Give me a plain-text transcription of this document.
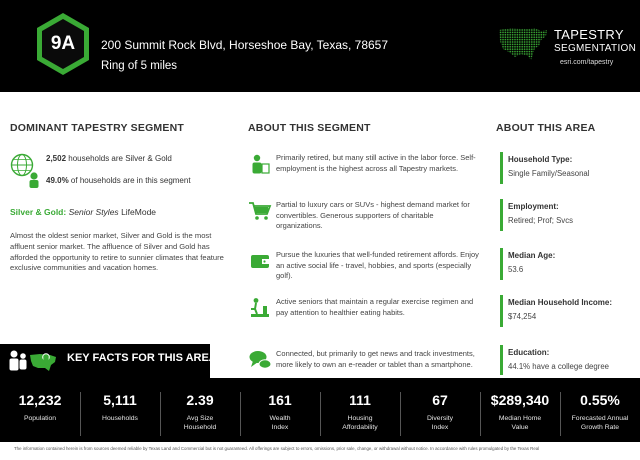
9A	200 Summit Rock Blvd, Horseshoe Bay, Texas, 78657
Ring of 5 miles
TAPESTRY
SEGMENTATION
esri.com/tapestry
DOMINANT TAPESTRY SEGMENT	ABOUT THIS SEGMENT	ABOUT THIS AREA
2,502 households are Silver & Gold
49.0% of households are in this segment
Silver & Gold: Senior Styles LifeMode
Almost the oldest senior market, Silver and Gold is the most affluent senior market. The affluence of Silver and Gold has afforded the opportunity to retire to sunnier climates that feature exclusive communities and vacation homes.
Primarily retired, but many still active in the labor force. Self-employment is the highest across all Tapestry markets.
Partial to luxury cars or SUVs - highest demand market for convertibles. Generous supporters of charitable organizations.
Pursue the luxuries that well-funded retirement affords. Enjoy an active social life - travel, hobbies, and sports (especially golf).
Active seniors that maintain a regular exercise regimen and pay attention to healthier eating habits.
Connected, but primarily to get news and track investments, more likely to own an e-reader or tablet than a smartphone.
Household Type:
Single Family/Seasonal
Employment:
Retired; Prof; Svcs
Median Age:
53.6
Median Household Income:
$74,254
Education:
44.1% have a college degree
KEY FACTS FOR THIS AREA
12,232
Population
5,111
Households
2.39
Avg Size
Household
161
Wealth
Index
111
Housing
Affordability
67
Diversity
Index
$289,340
Median Home
Value
0.55%
Forecasted Annual
Growth Rate
The information contained herein is from sources deemed reliable by Texas Land and Commercial but is not guaranteed. All offerings are subject to errors, omissions, prior sale, change, or withdrawal without notice. In accordance with rules promulgated by the Texas Real
